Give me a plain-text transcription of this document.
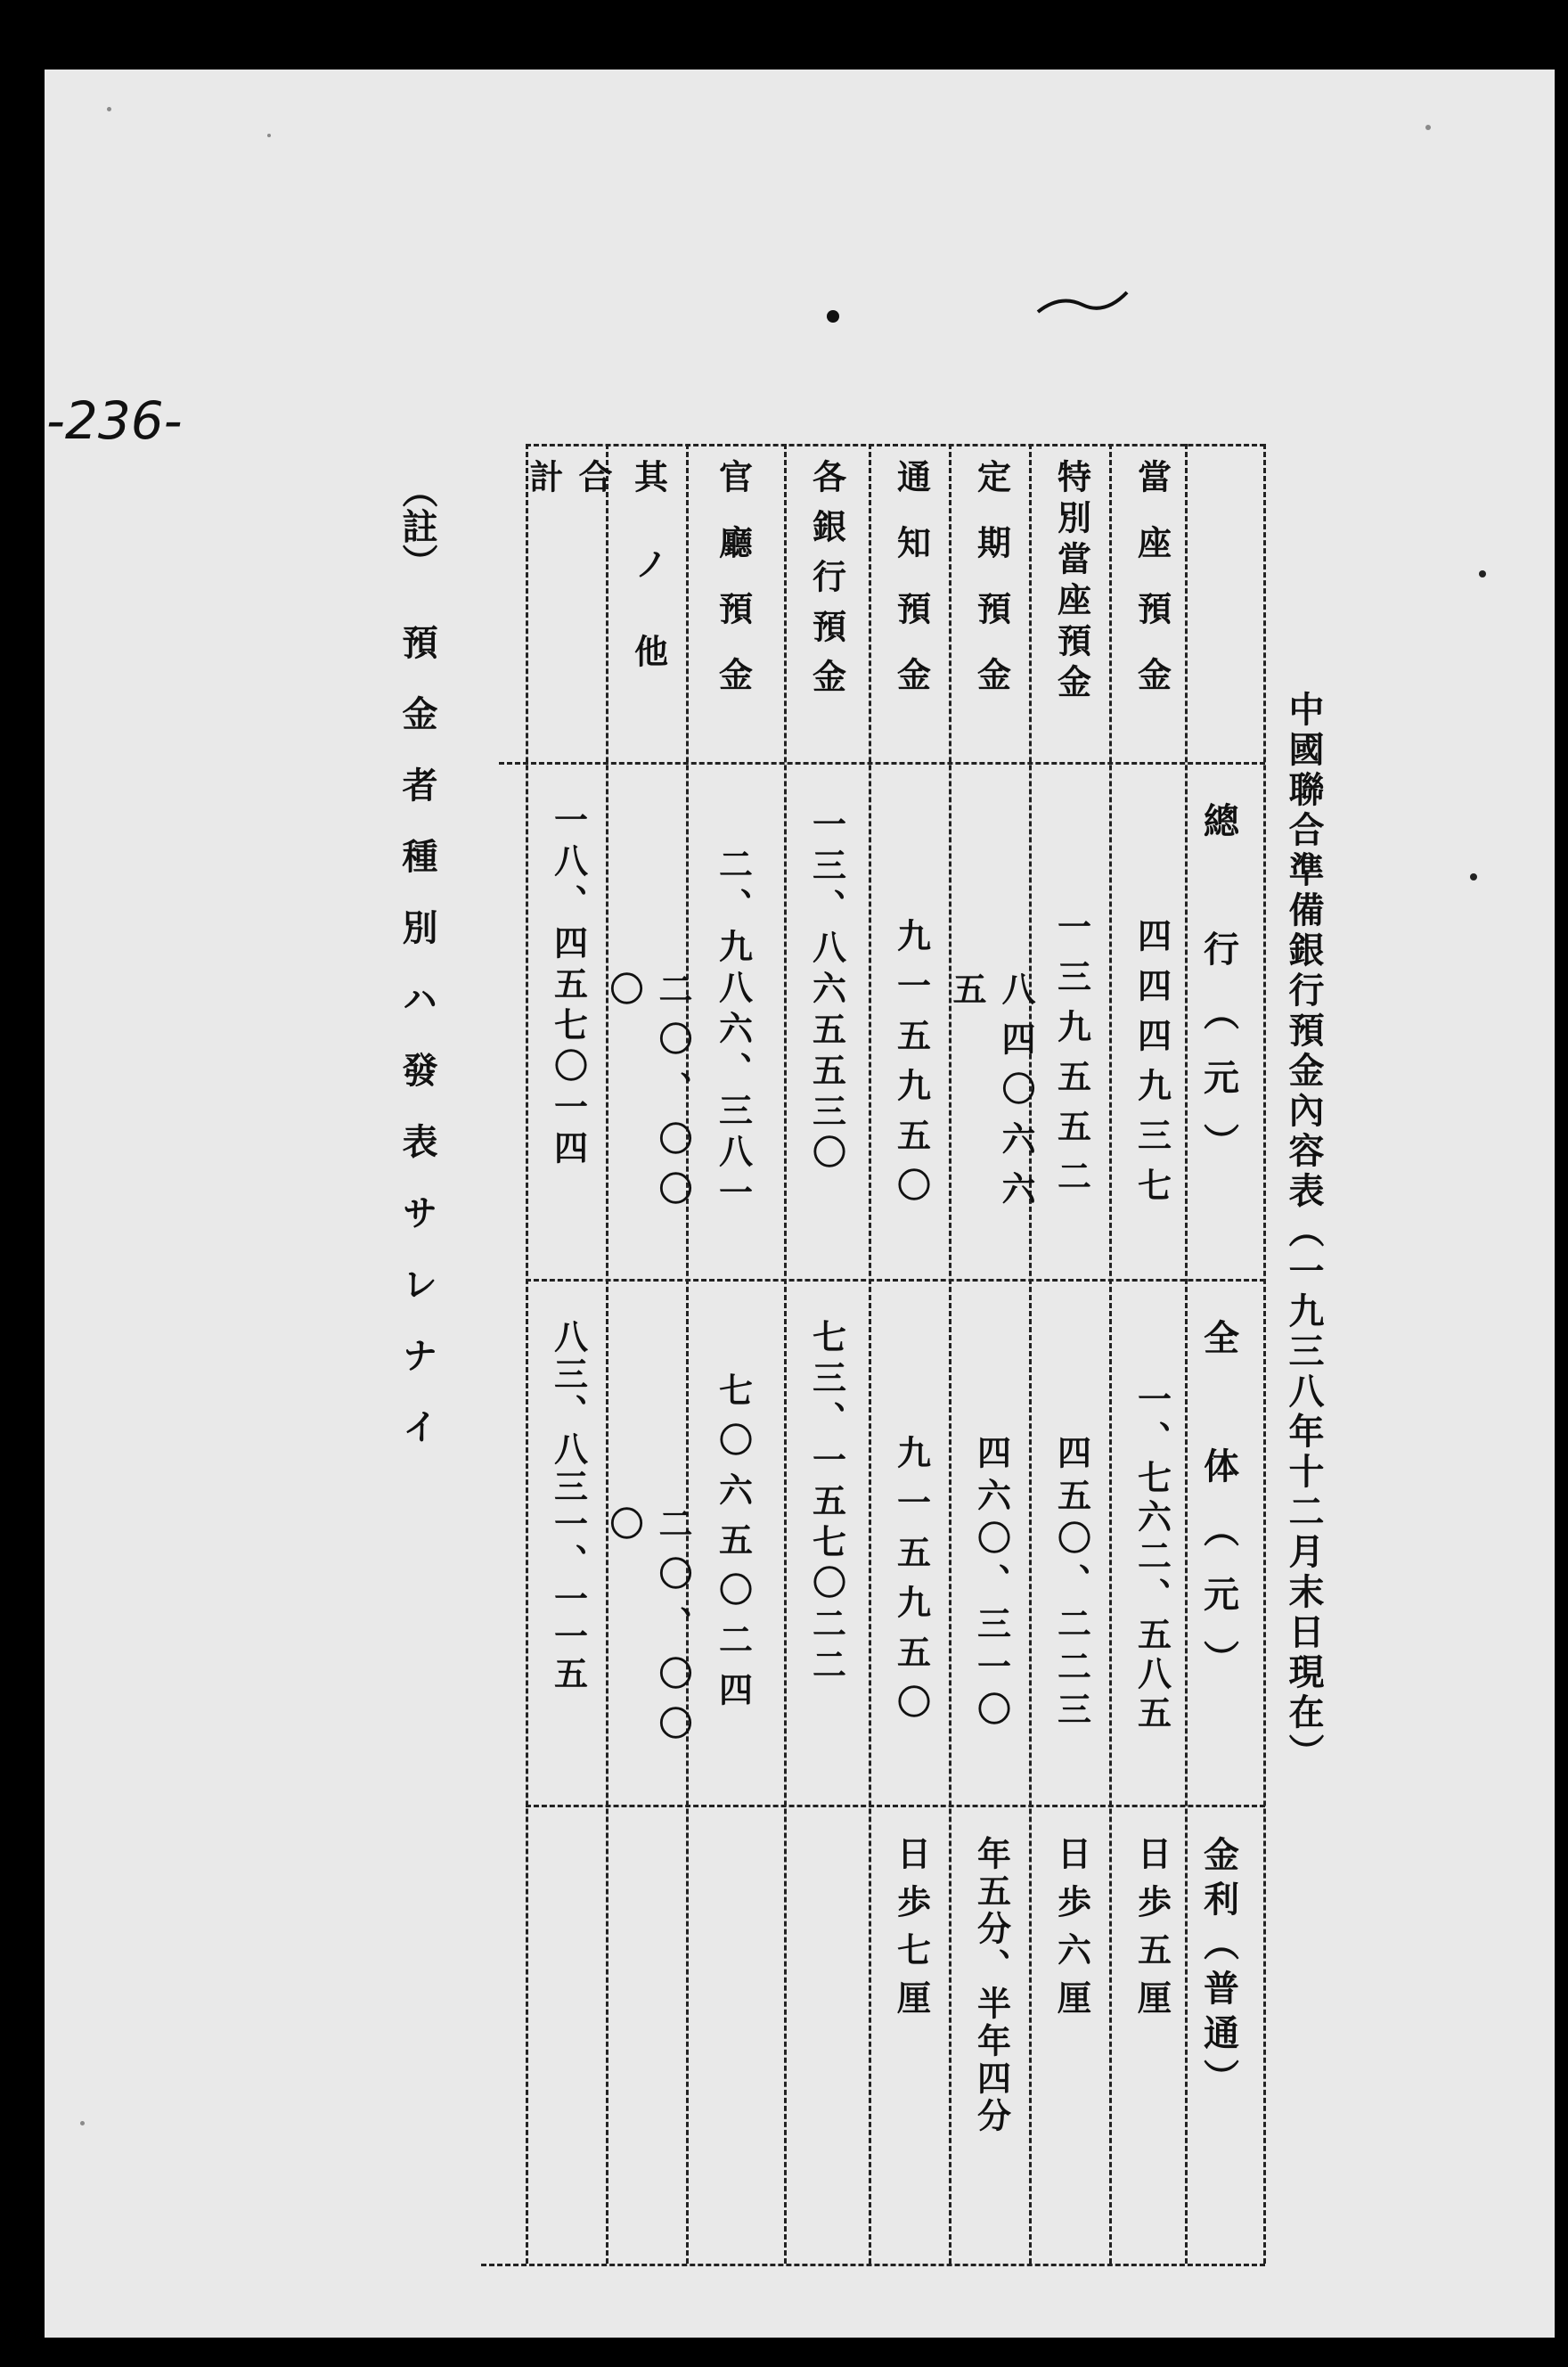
-236-
中國聯合準備銀行預金內容表（一九三八年十二月末日現在）
（註）
預金者種別ハ發表サレナイ	總　行（元）
全　体（元）
金利（普通）
當座預金
特別當座預金
定期預金
通知預金
各銀行預金
官廳預金
其ノ他
合計
四四四九三七
一三九五五二
八四〇六六五
九一五九五〇
一三、八六五五三〇
二、九八六、三八一
二〇、〇〇〇
一八、四五七〇一四
一、七六二、五八五
四五〇、二二三
四六〇、三一〇
九一五九五〇
七三、一五七〇二二
七〇六五〇二四
二〇、〇〇〇
八三、八三一、一一五
日歩五厘
日歩六厘
年五分、半年四分
日歩七厘
